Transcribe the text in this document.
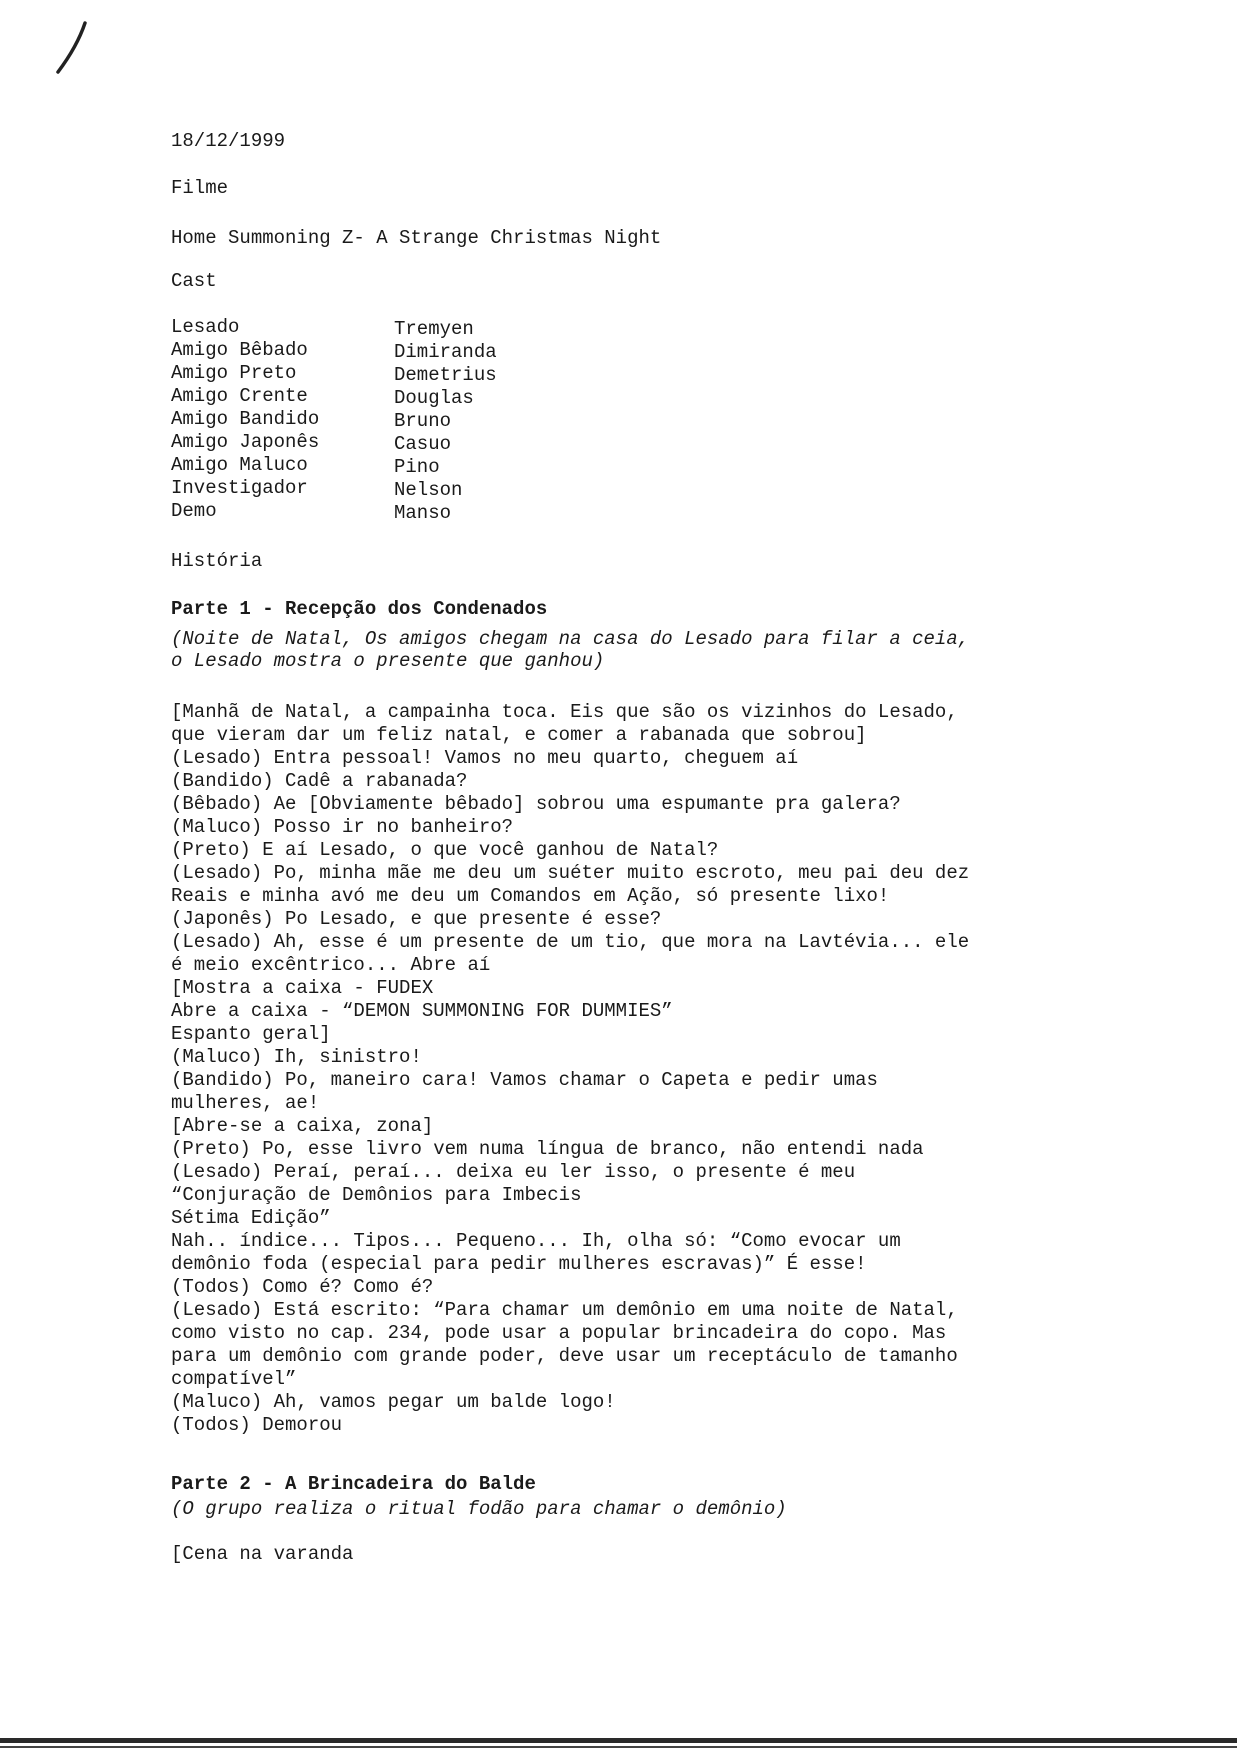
18/12/1999
Filme
Home Summoning Z- A Strange Christmas Night
Cast
Lesado	Tremyen
Amigo Bêbado	Dimiranda
Amigo Preto	Demetrius
Amigo Crente	Douglas
Amigo Bandido	Bruno
Amigo Japonês	Casuo
Amigo Maluco	Pino
Investigador	Nelson
Demo	Manso
História
Parte 1 - Recepção dos Condenados
(Noite de Natal, Os amigos chegam na casa do Lesado para filar a ceia,
o Lesado mostra o presente que ganhou)
[Manhã de Natal, a campainha toca. Eis que são os vizinhos do Lesado,
que vieram dar um feliz natal, e comer a rabanada que sobrou]
(Lesado) Entra pessoal! Vamos no meu quarto, cheguem aí
(Bandido) Cadê a rabanada?
(Bêbado) Ae [Obviamente bêbado] sobrou uma espumante pra galera?
(Maluco) Posso ir no banheiro?
(Preto) E aí Lesado, o que você ganhou de Natal?
(Lesado) Po, minha mãe me deu um suéter muito escroto, meu pai deu dez
Reais e minha avó me deu um Comandos em Ação, só presente lixo!
(Japonês) Po Lesado, e que presente é esse?
(Lesado) Ah, esse é um presente de um tio, que mora na Lavtévia... ele
é meio excêntrico... Abre aí
[Mostra a caixa - FUDEX
Abre a caixa - “DEMON SUMMONING FOR DUMMIES”
Espanto geral]
(Maluco) Ih, sinistro!
(Bandido) Po, maneiro cara! Vamos chamar o Capeta e pedir umas
mulheres, ae!
[Abre-se a caixa, zona]
(Preto) Po, esse livro vem numa língua de branco, não entendi nada
(Lesado) Peraí, peraí... deixa eu ler isso, o presente é meu
“Conjuração de Demônios para Imbecis
Sétima Edição”
Nah.. índice... Tipos... Pequeno... Ih, olha só: “Como evocar um
demônio foda (especial para pedir mulheres escravas)” É esse!
(Todos) Como é? Como é?
(Lesado) Está escrito: “Para chamar um demônio em uma noite de Natal,
como visto no cap. 234, pode usar a popular brincadeira do copo. Mas
para um demônio com grande poder, deve usar um receptáculo de tamanho
compatível”
(Maluco) Ah, vamos pegar um balde logo!
(Todos) Demorou
Parte 2 - A Brincadeira do Balde
(O grupo realiza o ritual fodão para chamar o demônio)
[Cena na varanda
